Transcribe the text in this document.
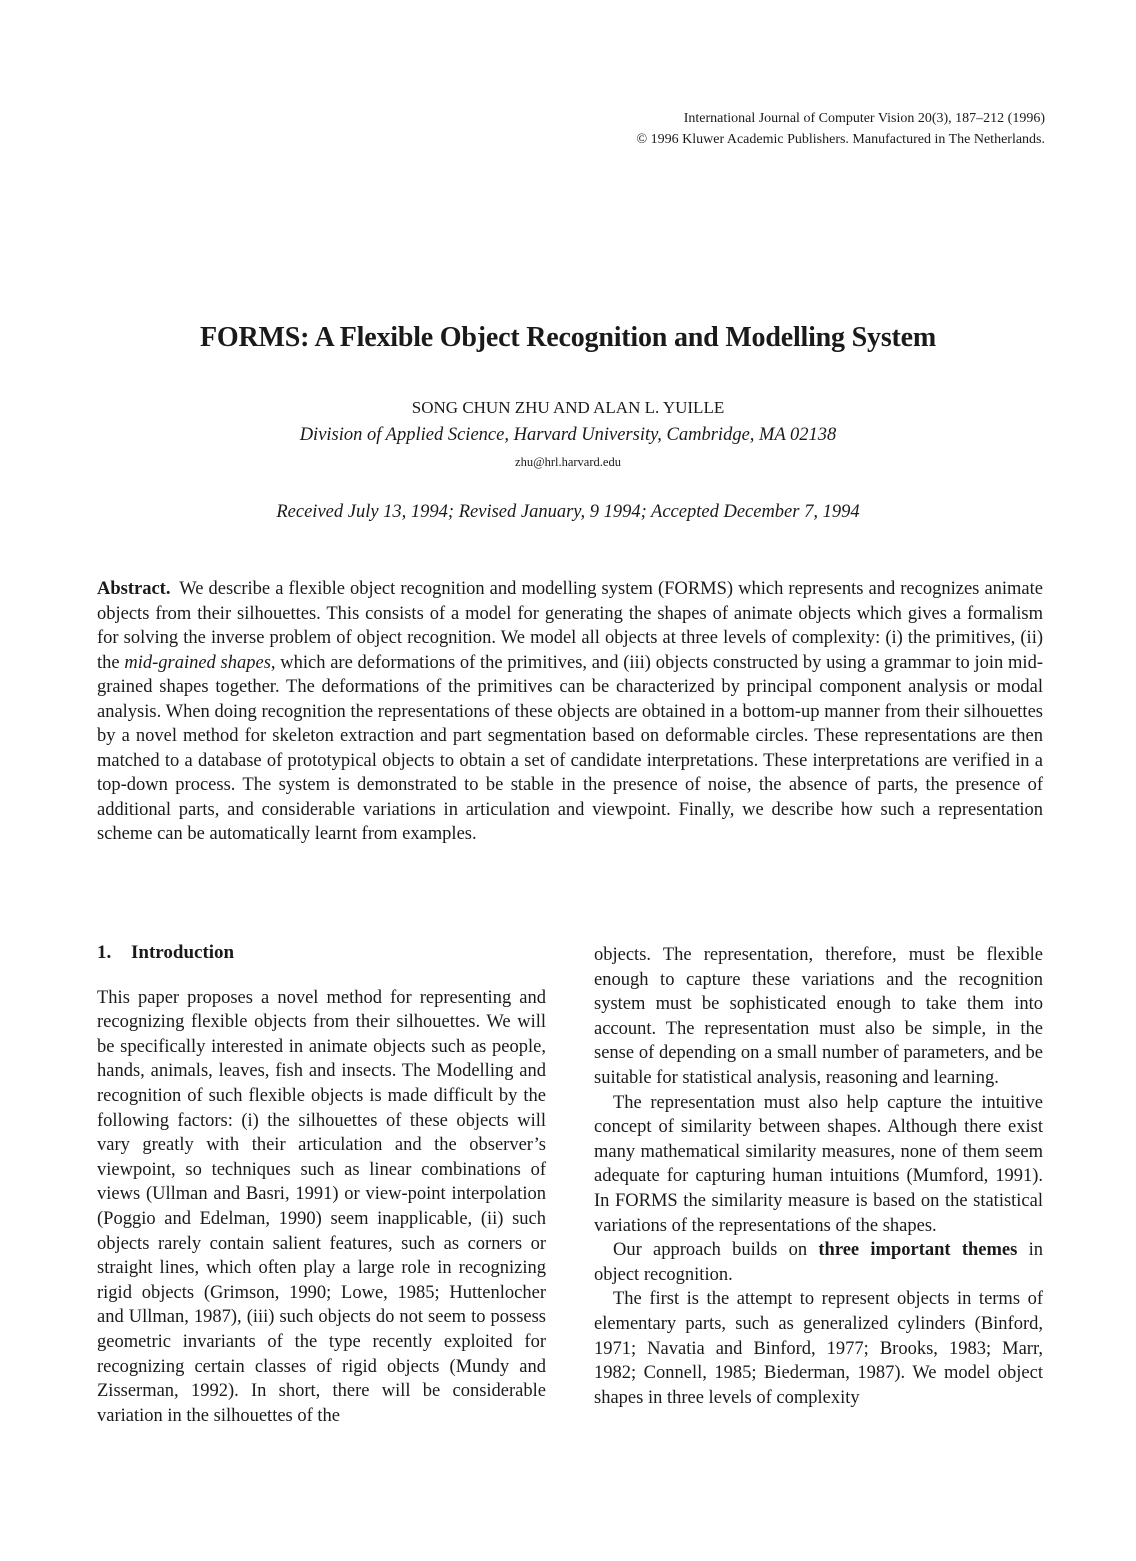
International Journal of Computer Vision 20(3), 187–212 (1996)
© 1996 Kluwer Academic Publishers. Manufactured in The Netherlands.
FORMS: A Flexible Object Recognition and Modelling System
SONG CHUN ZHU AND ALAN L. YUILLE
Division of Applied Science, Harvard University, Cambridge, MA 02138
zhu@hrl.harvard.edu
Received July 13, 1994; Revised January, 9 1994; Accepted December 7, 1994
Abstract. We describe a flexible object recognition and modelling system (FORMS) which represents and recognizes animate objects from their silhouettes. This consists of a model for generating the shapes of animate objects which gives a formalism for solving the inverse problem of object recognition. We model all objects at three levels of complexity: (i) the primitives, (ii) the mid-grained shapes, which are deformations of the primitives, and (iii) objects constructed by using a grammar to join mid-grained shapes together. The deformations of the primitives can be characterized by principal component analysis or modal analysis. When doing recognition the representations of these objects are obtained in a bottom-up manner from their silhouettes by a novel method for skeleton extraction and part segmentation based on deformable circles. These representations are then matched to a database of prototypical objects to obtain a set of candidate interpretations. These interpretations are verified in a top-down process. The system is demonstrated to be stable in the presence of noise, the absence of parts, the presence of additional parts, and considerable variations in articulation and viewpoint. Finally, we describe how such a representation scheme can be automatically learnt from examples.
1. Introduction

This paper proposes a novel method for representing and recognizing flexible objects from their silhouettes. We will be specifically interested in animate objects such as people, hands, animals, leaves, fish and insects. The Modelling and recognition of such flexible objects is made difficult by the following factors: (i) the silhouettes of these objects will vary greatly with their articulation and the observer’s viewpoint, so techniques such as linear combinations of views (Ullman and Basri, 1991) or view-point interpolation (Poggio and Edelman, 1990) seem inapplicable, (ii) such objects rarely contain salient features, such as corners or straight lines, which often play a large role in recognizing rigid objects (Grimson, 1990; Lowe, 1985; Huttenlocher and Ullman, 1987), (iii) such objects do not seem to possess geometric invariants of the type recently exploited for recognizing certain classes of rigid objects (Mundy and Zisserman, 1992). In short, there will be considerable variation in the silhouettes of the

objects. The representation, therefore, must be flexible enough to capture these variations and the recognition system must be sophisticated enough to take them into account. The representation must also be simple, in the sense of depending on a small number of parameters, and be suitable for statistical analysis, reasoning and learning.

The representation must also help capture the intuitive concept of similarity between shapes. Although there exist many mathematical similarity measures, none of them seem adequate for capturing human intuitions (Mumford, 1991). In FORMS the similarity measure is based on the statistical variations of the representations of the shapes.

Our approach builds on three important themes in object recognition.

The first is the attempt to represent objects in terms of elementary parts, such as generalized cylinders (Binford, 1971; Navatia and Binford, 1977; Brooks, 1983; Marr, 1982; Connell, 1985; Biederman, 1987). We model object shapes in three levels of complexity
